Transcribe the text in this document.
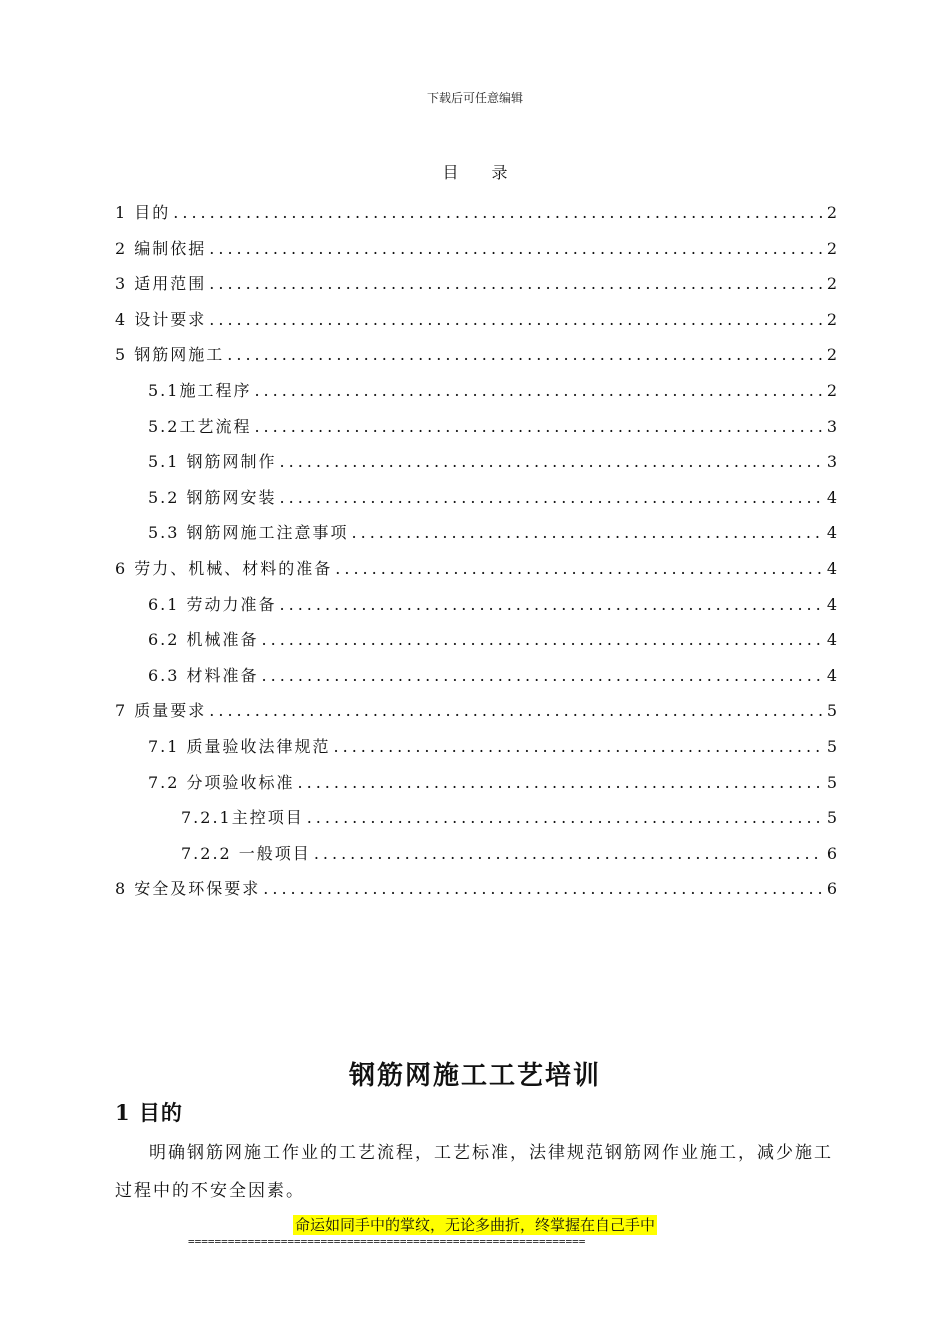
下载后可任意编辑
目 录
1 目的 .....	2
2 编制依据 .....	2
3 适用范围 .....	2
4 设计要求 .....	2
5 钢筋网施工 .....	2
5.1施工程序 .....	2
5.2工艺流程 .....	3
5.1 钢筋网制作 .....	3
5.2 钢筋网安装 .....	4
5.3 钢筋网施工注意事项 .....	4
6 劳力、机械、材料的准备 .....	4
6.1 劳动力准备 .....	4
6.2 机械准备 .....	4
6.3 材料准备 .....	4
7 质量要求 .....	5
7.1 质量验收法律规范 .....	5
7.2 分项验收标准 .....	5
7.2.1主控项目 .....	5
7.2.2 一般项目 .....	6
8 安全及环保要求 .....	6
钢筋网施工工艺培训
1 目的
明确钢筋网施工作业的工艺流程，工艺标准，法律规范钢筋网作业施工，减少施工过程中的不安全因素。
命运如同手中的掌纹，无论多曲折，终掌握在自己手中
============================================================
